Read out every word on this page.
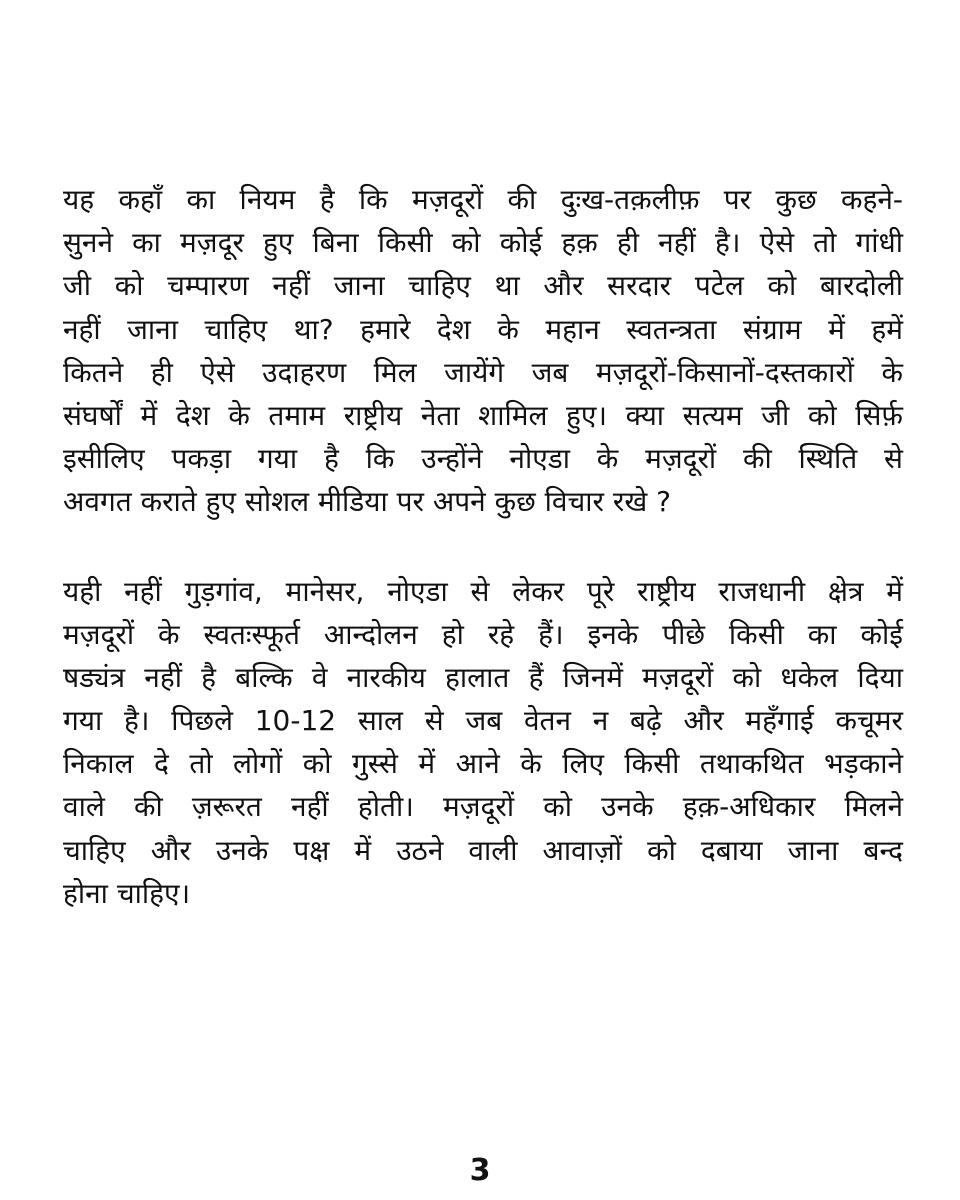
यह कहाँ का नियम है कि मज़दूरों की दुःख-तक़लीफ़ पर कुछ कहने-
सुनने का मज़दूर हुए बिना किसी को कोई हक़ ही नहीं है। ऐसे तो गांधी
जी को चम्पारण नहीं जाना चाहिए था और सरदार पटेल को बारदोली
नहीं जाना चाहिए था? हमारे देश के महान स्वतन्त्रता संग्राम में हमें
कितने ही ऐसे उदाहरण मिल जायेंगे जब मज़दूरों-किसानों-दस्तकारों के
संघर्षों में देश के तमाम राष्ट्रीय नेता शामिल हुए। क्या सत्यम जी को सिर्फ़
इसीलिए पकड़ा गया है कि उन्होंने नोएडा के मज़दूरों की स्थिति से
अवगत कराते हुए सोशल मीडिया पर अपने कुछ विचार रखे ?
यही नहीं गुड़गांव, मानेसर, नोएडा से लेकर पूरे राष्ट्रीय राजधानी क्षेत्र में
मज़दूरों के स्वतःस्फूर्त आन्दोलन हो रहे हैं। इनके पीछे किसी का कोई
षड्यंत्र नहीं है बल्कि वे नारकीय हालात हैं जिनमें मज़दूरों को धकेल दिया
गया है। पिछले 10-12 साल से जब वेतन न बढ़े और महँगाई कचूमर
निकाल दे तो लोगों को गुस्से में आने के लिए किसी तथाकथित भड़काने
वाले की ज़रूरत नहीं होती। मज़दूरों को उनके हक़-अधिकार मिलने
चाहिए और उनके पक्ष में उठने वाली आवाज़ों को दबाया जाना बन्द
होना चाहिए।
3
